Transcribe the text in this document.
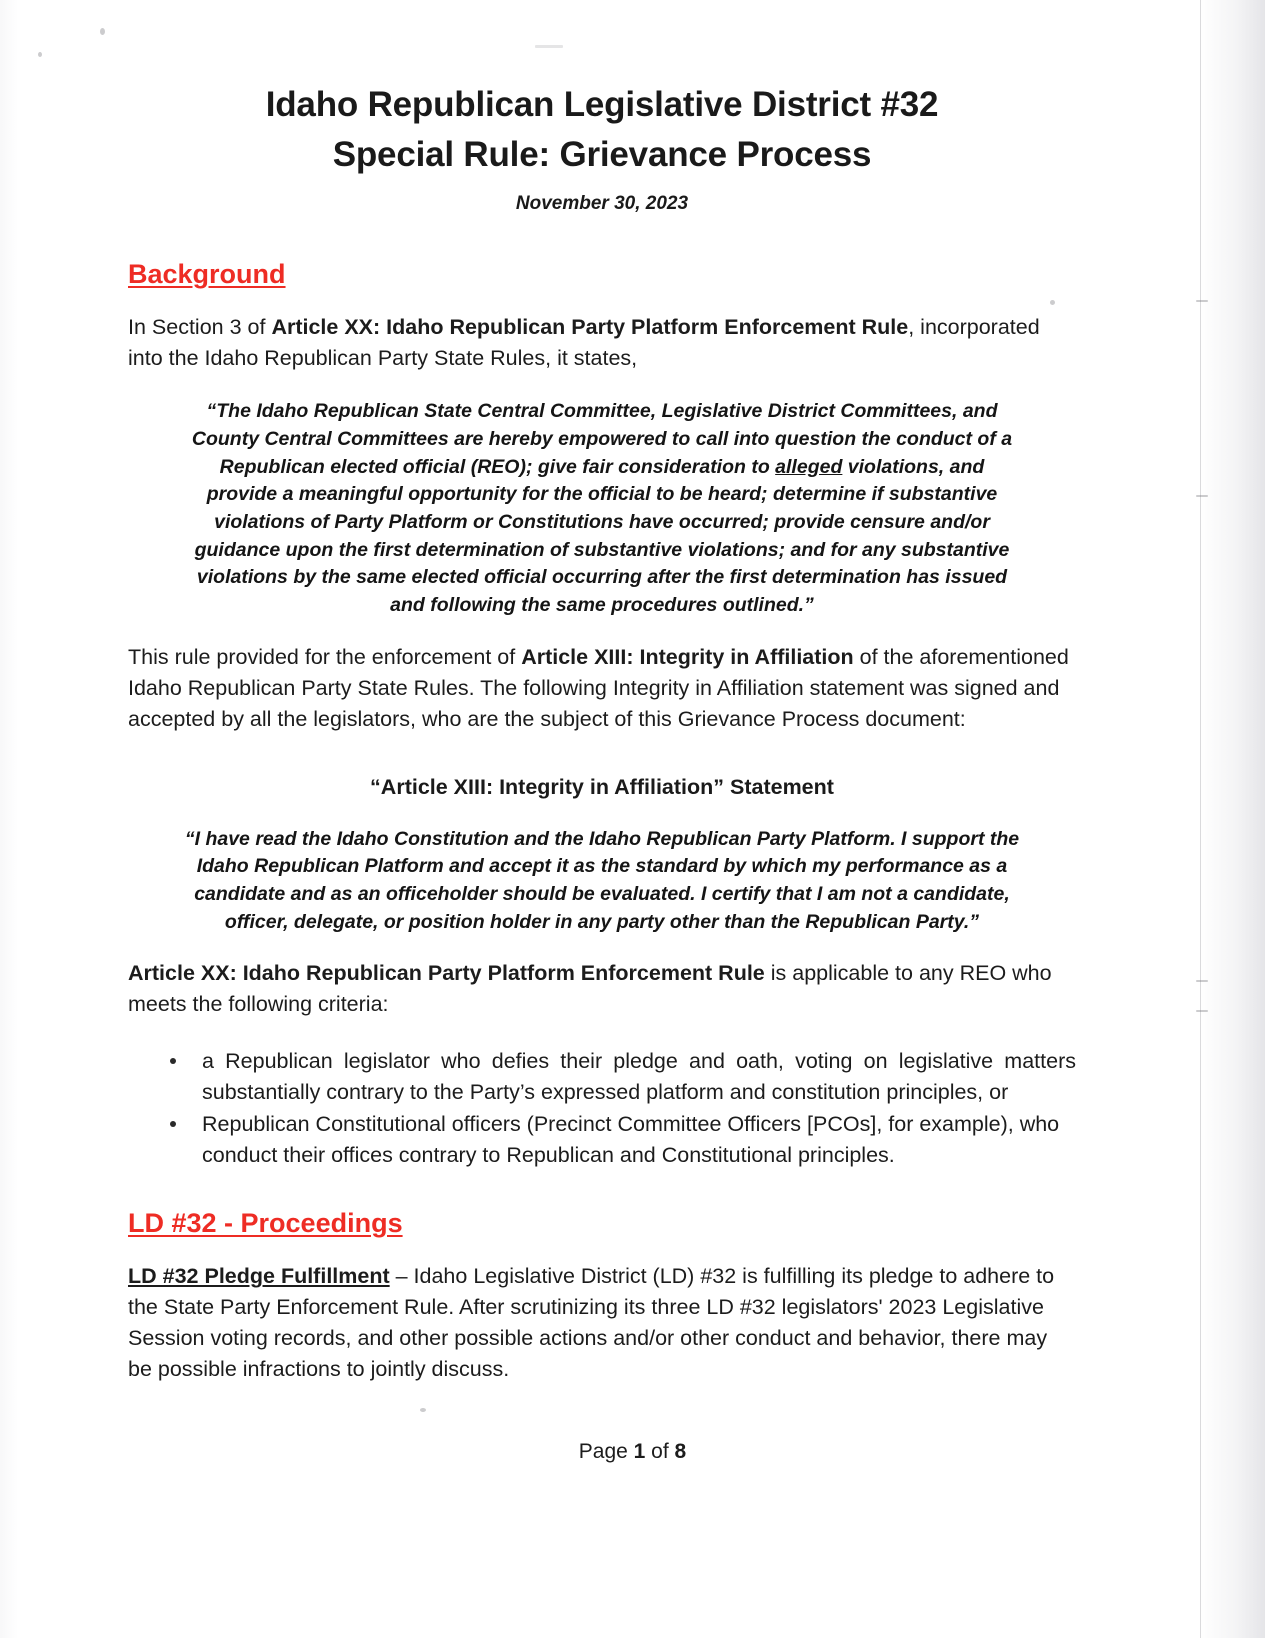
Idaho Republican Legislative District #32
Special Rule: Grievance Process
November 30, 2023
Background

In Section 3 of Article XX: Idaho Republican Party Platform Enforcement Rule, incorporated into the Idaho Republican Party State Rules, it states,

“The Idaho Republican State Central Committee, Legislative District Committees, and County Central Committees are hereby empowered to call into question the conduct of a Republican elected official (REO); give fair consideration to alleged violations, and provide a meaningful opportunity for the official to be heard; determine if substantive violations of Party Platform or Constitutions have occurred; provide censure and/or guidance upon the first determination of substantive violations; and for any substantive violations by the same elected official occurring after the first determination has issued and following the same procedures outlined.”

This rule provided for the enforcement of Article XIII: Integrity in Affiliation of the aforementioned Idaho Republican Party State Rules. The following Integrity in Affiliation statement was signed and accepted by all the legislators, who are the subject of this Grievance Process document:

“Article XIII: Integrity in Affiliation” Statement

“I have read the Idaho Constitution and the Idaho Republican Party Platform. I support the Idaho Republican Platform and accept it as the standard by which my performance as a candidate and as an officeholder should be evaluated. I certify that I am not a candidate, officer, delegate, or position holder in any party other than the Republican Party.”

Article XX: Idaho Republican Party Platform Enforcement Rule is applicable to any REO who meets the following criteria:

a Republican legislator who defies their pledge and oath, voting on legislative matters substantially contrary to the Party’s expressed platform and constitution principles, or
Republican Constitutional officers (Precinct Committee Officers [PCOs], for example), who conduct their offices contrary to Republican and Constitutional principles.
LD #32 - Proceedings

LD #32 Pledge Fulfillment – Idaho Legislative District (LD) #32 is fulfilling its pledge to adhere to the State Party Enforcement Rule. After scrutinizing its three LD #32 legislators' 2023 Legislative Session voting records, and other possible actions and/or other conduct and behavior, there may be possible infractions to jointly discuss.

Page 1 of 8
